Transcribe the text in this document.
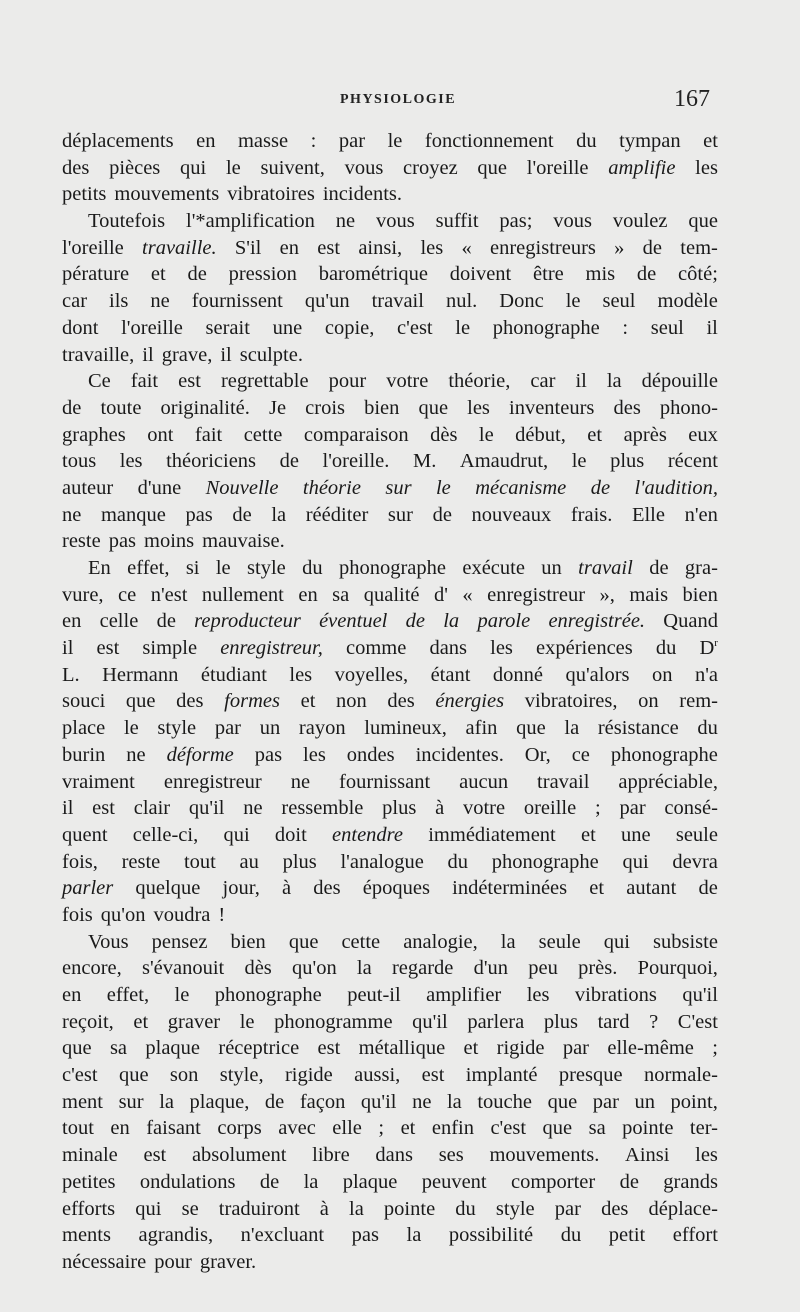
PHYSIOLOGIE	167
déplacements en masse : par le fonctionnement du tympan et
des pièces qui le suivent, vous croyez que l'oreille amplifie les
petits mouvements vibratoires incidents.
Toutefois l'*amplification ne vous suffit pas; vous voulez que
l'oreille travaille. S'il en est ainsi, les « enregistreurs » de tem-
pérature et de pression barométrique doivent être mis de côté;
car ils ne fournissent qu'un travail nul. Donc le seul modèle
dont l'oreille serait une copie, c'est le phonographe : seul il
travaille, il grave, il sculpte.
Ce fait est regrettable pour votre théorie, car il la dépouille
de toute originalité. Je crois bien que les inventeurs des phono-
graphes ont fait cette comparaison dès le début, et après eux
tous les théoriciens de l'oreille. M. Amaudrut, le plus récent
auteur d'une Nouvelle théorie sur le mécanisme de l'audition,
ne manque pas de la rééditer sur de nouveaux frais. Elle n'en
reste pas moins mauvaise.
En effet, si le style du phonographe exécute un travail de gra-
vure, ce n'est nullement en sa qualité d' « enregistreur », mais bien
en celle de reproducteur éventuel de la parole enregistrée. Quand
il est simple enregistreur, comme dans les expériences du $D^r$
L. Hermann étudiant les voyelles, étant donné qu'alors on n'a
souci que des formes et non des énergies vibratoires, on rem-
place le style par un rayon lumineux, afin que la résistance du
burin ne déforme pas les ondes incidentes. Or, ce phonographe
vraiment enregistreur ne fournissant aucun travail appréciable,
il est clair qu'il ne ressemble plus à votre oreille ; par consé-
quent celle-ci, qui doit entendre immédiatement et une seule
fois, reste tout au plus l'analogue du phonographe qui devra
parler quelque jour, à des époques indéterminées et autant de
fois qu'on voudra !
Vous pensez bien que cette analogie, la seule qui subsiste
encore, s'évanouit dès qu'on la regarde d'un peu près. Pourquoi,
en effet, le phonographe peut-il amplifier les vibrations qu'il
reçoit, et graver le phonogramme qu'il parlera plus tard ? C'est
que sa plaque réceptrice est métallique et rigide par elle-même ;
c'est que son style, rigide aussi, est implanté presque normale-
ment sur la plaque, de façon qu'il ne la touche que par un point,
tout en faisant corps avec elle ; et enfin c'est que sa pointe ter-
minale est absolument libre dans ses mouvements. Ainsi les
petites ondulations de la plaque peuvent comporter de grands
efforts qui se traduiront à la pointe du style par des déplace-
ments agrandis, n'excluant pas la possibilité du petit effort
nécessaire pour graver.
